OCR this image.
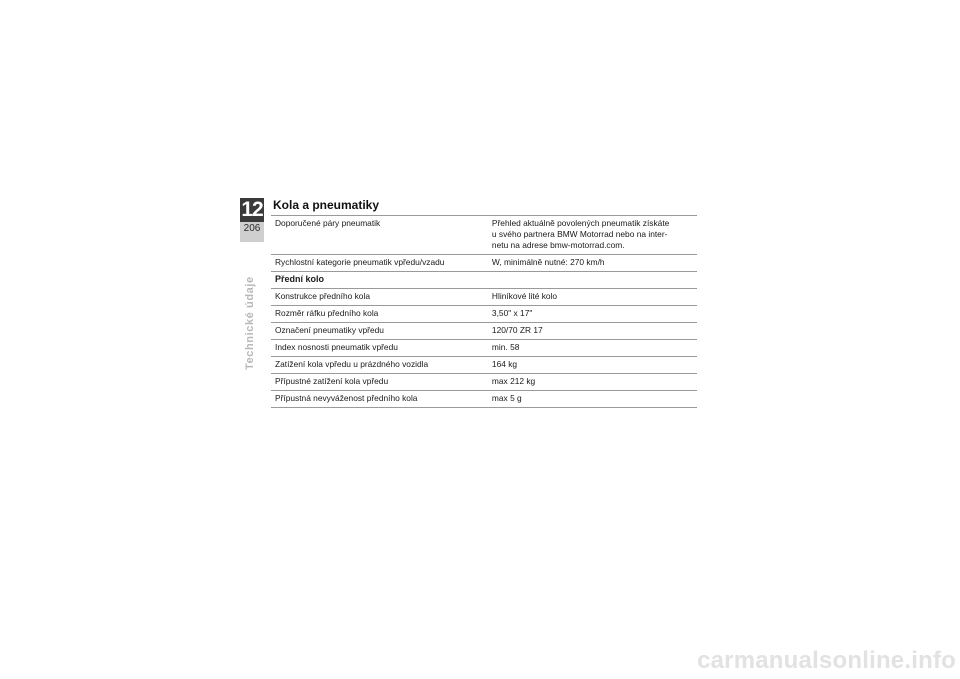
12
206
Technické údaje
Kola a pneumatiky
Doporučené páry pneumatik	Přehled aktuálně povolených pneumatik získáte
u svého partnera BMW Motorrad nebo na inter-
netu na adrese bmw-motorrad.com.

Rychlostní kategorie pneumatik vpředu/vzadu	W, minimálně nutné: 270 km/h
Přední kolo	
Konstrukce předního kola	Hliníkové lité kolo
Rozměr ráfku předního kola	3,50" x 17"
Označení pneumatiky vpředu	120/70 ZR 17
Index nosnosti pneumatik vpředu	min. 58
Zatížení kola vpředu u prázdného vozidla	164 kg
Přípustné zatížení kola vpředu	max 212 kg
Přípustná nevyváženost předního kola	max 5 g
carmanualsonline.info
